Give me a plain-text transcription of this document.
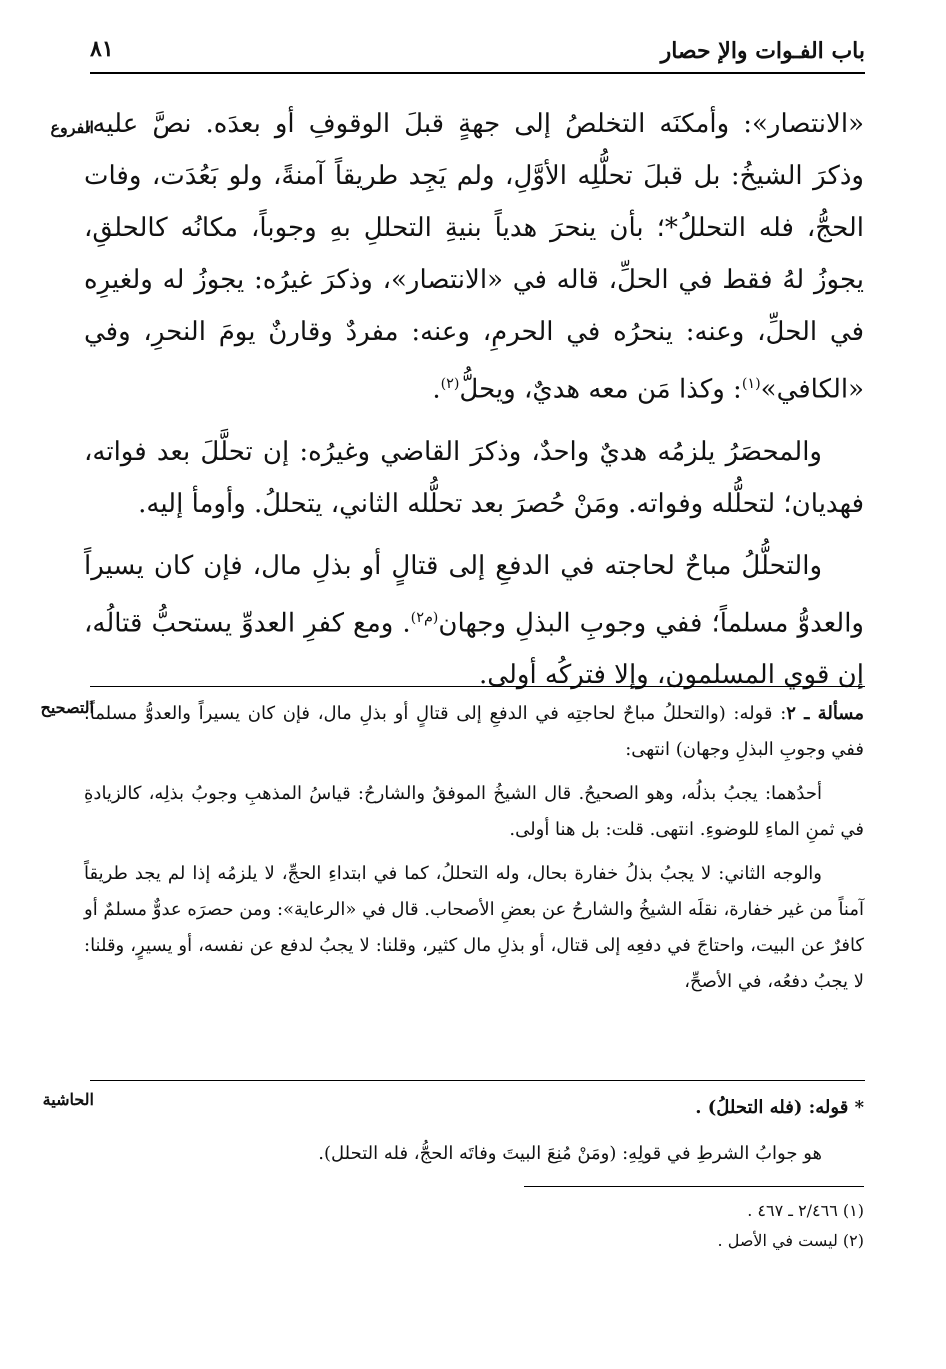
باب الفـوات والإ حصار
٨١
الفروع
التصحيح
الحاشية

«الانتصار»: وأمكنَه التخلصُ إلى جهةٍ قبلَ الوقوفِ أو بعدَه. نصَّ عليه، وذكرَ الشيخُ: بل قبلَ تحلُّلِه الأوَّلِ، ولم يَجِد طريقاً آمنةً، ولو بَعُدَت، وفات الحجُّ، فله التحللُ*؛ بأن ينحرَ هدياً بنيةِ التحللِ بهِ وجوباً، مكانُه كالحلقِ، يجوزُ لهُ فقط في الحلِّ، قاله في «الانتصار»، وذكرَ غيرُه: يجوزُ له ولغيرِه في الحلِّ، وعنه: ينحرُه في الحرمِ، وعنه: مفردٌ وقارنٌ يومَ النحرِ، وفي «الكافي»$^{(١)}$: وكذا مَن معه هديٌ، ويحلُّ$^{(٢)}$.

والمحصَرُ يلزمُه هديٌ واحدٌ، وذكرَ القاضي وغيرُه: إن تحلَّلَ بعد فواته، فهديان؛ لتحلُّله وفواته. ومَنْ حُصرَ بعد تحلُّله الثاني، يتحللُ. وأومأ إليه.

والتحلُّلُ مباحٌ لحاجته في الدفعِ إلى قتالٍ أو بذلِ مال، فإن كان يسيراً والعدوُّ مسلماً؛ ففي وجوبِ البذلِ وجهان$^{(م٢)}$. ومع كفرِ العدوِّ يستحبُّ قتالُه، إن قوي المسلمون، وإلا فتركُه أولى.

مسألة ـ ٢: قوله: (والتحللُ مباحٌ لحاجتِه في الدفعِ إلى قتالٍ أو بذلِ مال، فإن كان يسيراً والعدوُّ مسلماً؛ ففي وجوبِ البذلِ وجهان) انتهى:

أحدُهما: يجبُ بذلُه، وهو الصحيحُ. قال الشيخُ الموفقُ والشارحُ: قياسُ المذهبِ وجوبُ بذلِه، كالزيادةِ في ثمنِ الماءِ للوضوءِ. انتهى. قلت: بل هنا أولى.

والوجه الثاني: لا يجبُ بذلُ خفارة بحال، وله التحللُ، كما في ابتداءِ الحجِّ، لا يلزمُه إذا لم يجد طريقاً آمناً من غير خفارة، نقلَه الشيخُ والشارحُ عن بعضِ الأصحاب. قال في «الرعاية»: ومن حصرَه عدوٌّ مسلمٌ أو كافرٌ عن البيت، واحتاجَ في دفعِه إلى قتال، أو بذلِ مال كثير، وقلنا: لا يجبُ لدفع عن نفسه، أو يسيرٍ، وقلنا: لا يجبُ دفعُه، في الأصحِّ،

* قوله: (فله التحللُ) .

هو جوابُ الشرطِ في قولِهِ: (ومَنْ مُنِعَ البيتَ وفاتَه الحجُّ، فله التحلل).

(١) ٢/٤٦٦ ـ ٤٦٧ .
(٢) ليست في الأصل .
